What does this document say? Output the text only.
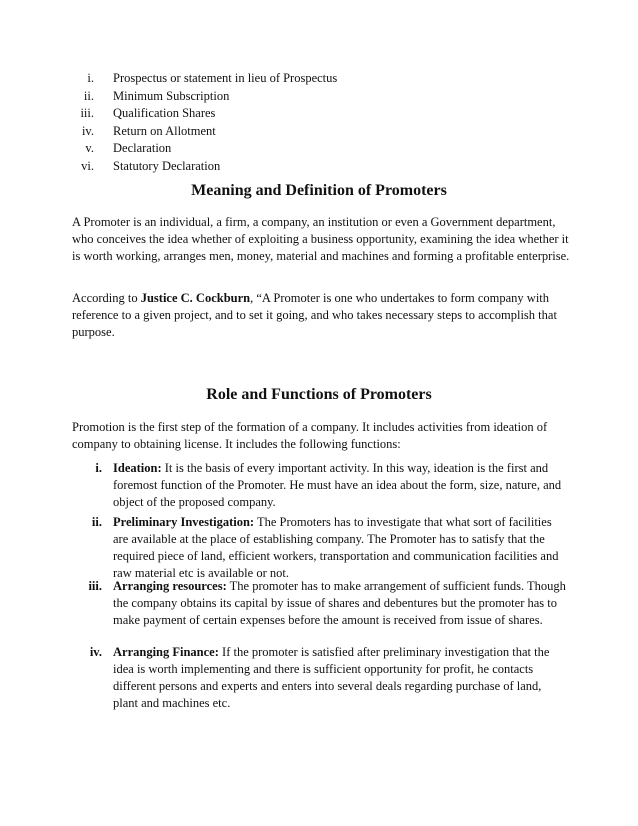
i. Prospectus or statement in lieu of Prospectus
ii. Minimum Subscription
iii. Qualification Shares
iv. Return on Allotment
v. Declaration
vi. Statutory Declaration
Meaning and Definition of Promoters

A Promoter is an individual, a firm, a company, an institution or even a Government department, who conceives the idea whether of exploiting a business opportunity, examining the idea whether it is worth working, arranges men, money, material and machines and forming a profitable enterprise.

According to Justice C. Cockburn, “A Promoter is one who undertakes to form company with reference to a given project, and to set it going, and who takes necessary steps to accomplish that purpose.

Role and Functions of Promoters

Promotion is the first step of the formation of a company. It includes activities from ideation of company to obtaining license. It includes the following functions:

i. Ideation: It is the basis of every important activity. In this way, ideation is the first and foremost function of the Promoter. He must have an idea about the form, size, nature, and object of the proposed company.
ii. Preliminary Investigation: The Promoters has to investigate that what sort of facilities are available at the place of establishing company. The Promoter has to satisfy that the required piece of land, efficient workers, transportation and communication facilities and raw material etc is available or not.
iii. Arranging resources: The promoter has to make arrangement of sufficient funds. Though the company obtains its capital by issue of shares and debentures but the promoter has to make payment of certain expenses before the amount is received from issue of shares.
iv. Arranging Finance: If the promoter is satisfied after preliminary investigation that the idea is worth implementing and there is sufficient opportunity for profit, he contacts different persons and experts and enters into several deals regarding purchase of land, plant and machines etc.
